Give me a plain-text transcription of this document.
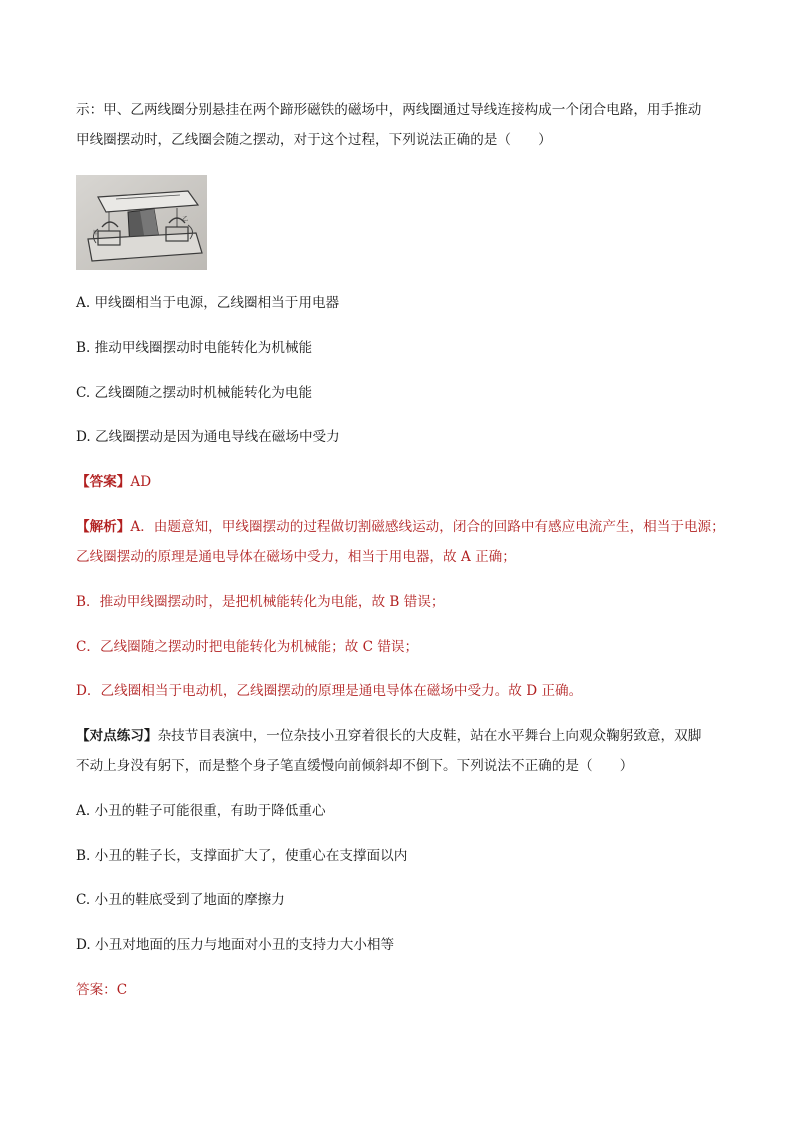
示：甲、乙两线圈分别悬挂在两个蹄形磁铁的磁场中，两线圈通过导线连接构成一个闭合电路，用手推动
甲线圈摆动时，乙线圈会随之摆动，对于这个过程，下列说法正确的是（　　）
甲
乙
A. 甲线圈相当于电源，乙线圈相当于用电器
B. 推动甲线圈摆动时电能转化为机械能
C. 乙线圈随之摆动时机械能转化为电能
D. 乙线圈摆动是因为通电导线在磁场中受力
【答案】AD
【解析】A．由题意知，甲线圈摆动的过程做切割磁感线运动，闭合的回路中有感应电流产生，相当于电源；
乙线圈摆动的原理是通电导体在磁场中受力，相当于用电器，故 A 正确；
B．推动甲线圈摆动时，是把机械能转化为电能，故 B 错误；
C．乙线圈随之摆动时把电能转化为机械能；故 C 错误；
D．乙线圈相当于电动机，乙线圈摆动的原理是通电导体在磁场中受力。故 D 正确。
【对点练习】杂技节目表演中，一位杂技小丑穿着很长的大皮鞋，站在水平舞台上向观众鞠躬致意，双脚
不动上身没有躬下，而是整个身子笔直缓慢向前倾斜却不倒下。下列说法不正确的是（　　）
A. 小丑的鞋子可能很重，有助于降低重心
B. 小丑的鞋子长，支撑面扩大了，使重心在支撑面以内
C. 小丑的鞋底受到了地面的摩擦力
D. 小丑对地面的压力与地面对小丑的支持力大小相等
答案：C
